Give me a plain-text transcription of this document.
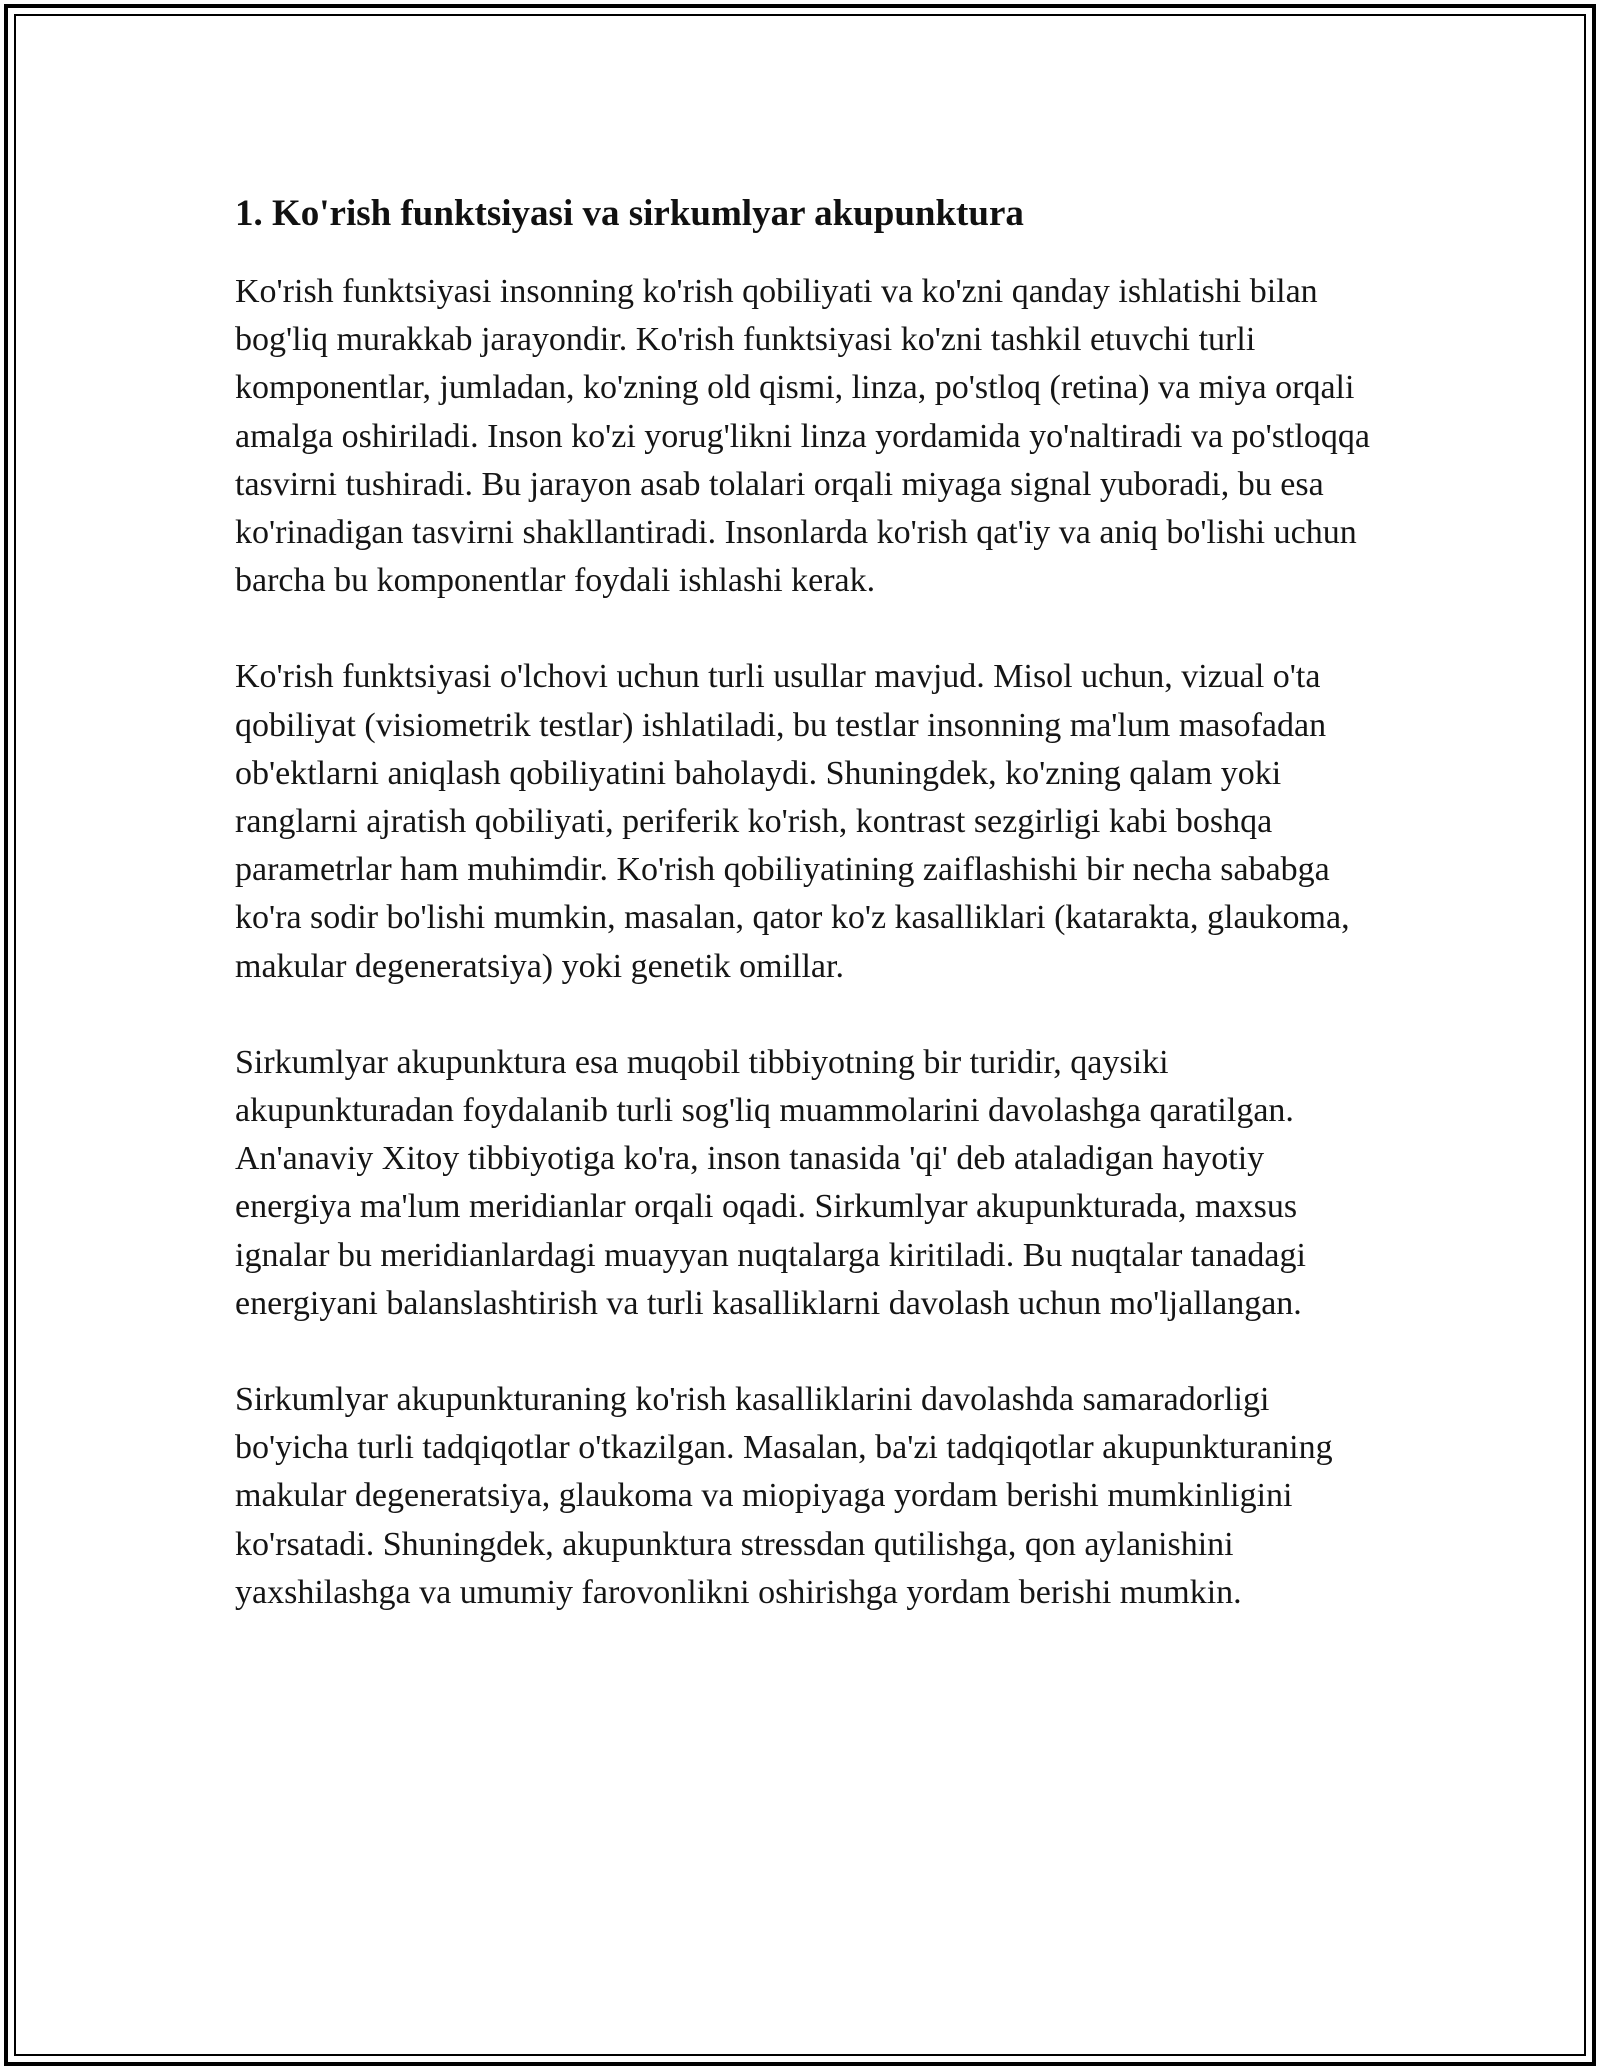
1. Ko'rish funktsiyasi va sirkumlyar akupunktura

Ko'rish funktsiyasi insonning ko'rish qobiliyati va ko'zni qanday ishlatishi bilan bog'liq murakkab jarayondir. Ko'rish funktsiyasi ko'zni tashkil etuvchi turli komponentlar, jumladan, ko'zning old qismi, linza, po'stloq (retina) va miya orqali amalga oshiriladi. Inson ko'zi yorug'likni linza yordamida yo'naltiradi va po'stloqqa tasvirni tushiradi. Bu jarayon asab tolalari orqali miyaga signal yuboradi, bu esa ko'rinadigan tasvirni shakllantiradi. Insonlarda ko'rish qat'iy va aniq bo'lishi uchun barcha bu komponentlar foydali ishlashi kerak.

Ko'rish funktsiyasi o'lchovi uchun turli usullar mavjud. Misol uchun, vizual o'ta qobiliyat (visiometrik testlar) ishlatiladi, bu testlar insonning ma'lum masofadan ob'ektlarni aniqlash qobiliyatini baholaydi. Shuningdek, ko'zning qalam yoki ranglarni ajratish qobiliyati, periferik ko'rish, kontrast sezgirligi kabi boshqa parametrlar ham muhimdir. Ko'rish qobiliyatining zaiflashishi bir necha sababga ko'ra sodir bo'lishi mumkin, masalan, qator ko'z kasalliklari (katarakta, glaukoma, makular degeneratsiya) yoki genetik omillar.

Sirkumlyar akupunktura esa muqobil tibbiyotning bir turidir, qaysiki akupunkturadan foydalanib turli sog'liq muammolarini davolashga qaratilgan. An'anaviy Xitoy tibbiyotiga ko'ra, inson tanasida 'qi' deb ataladigan hayotiy energiya ma'lum meridianlar orqali oqadi. Sirkumlyar akupunkturada, maxsus ignalar bu meridianlardagi muayyan nuqtalarga kiritiladi. Bu nuqtalar tanadagi energiyani balanslashtirish va turli kasalliklarni davolash uchun mo'ljallangan.

Sirkumlyar akupunkturaning ko'rish kasalliklarini davolashda samaradorligi bo'yicha turli tadqiqotlar o'tkazilgan. Masalan, ba'zi tadqiqotlar akupunkturaning makular degeneratsiya, glaukoma va miopiyaga yordam berishi mumkinligini ko'rsatadi. Shuningdek, akupunktura stressdan qutilishga, qon aylanishini yaxshilashga va umumiy farovonlikni oshirishga yordam berishi mumkin.
